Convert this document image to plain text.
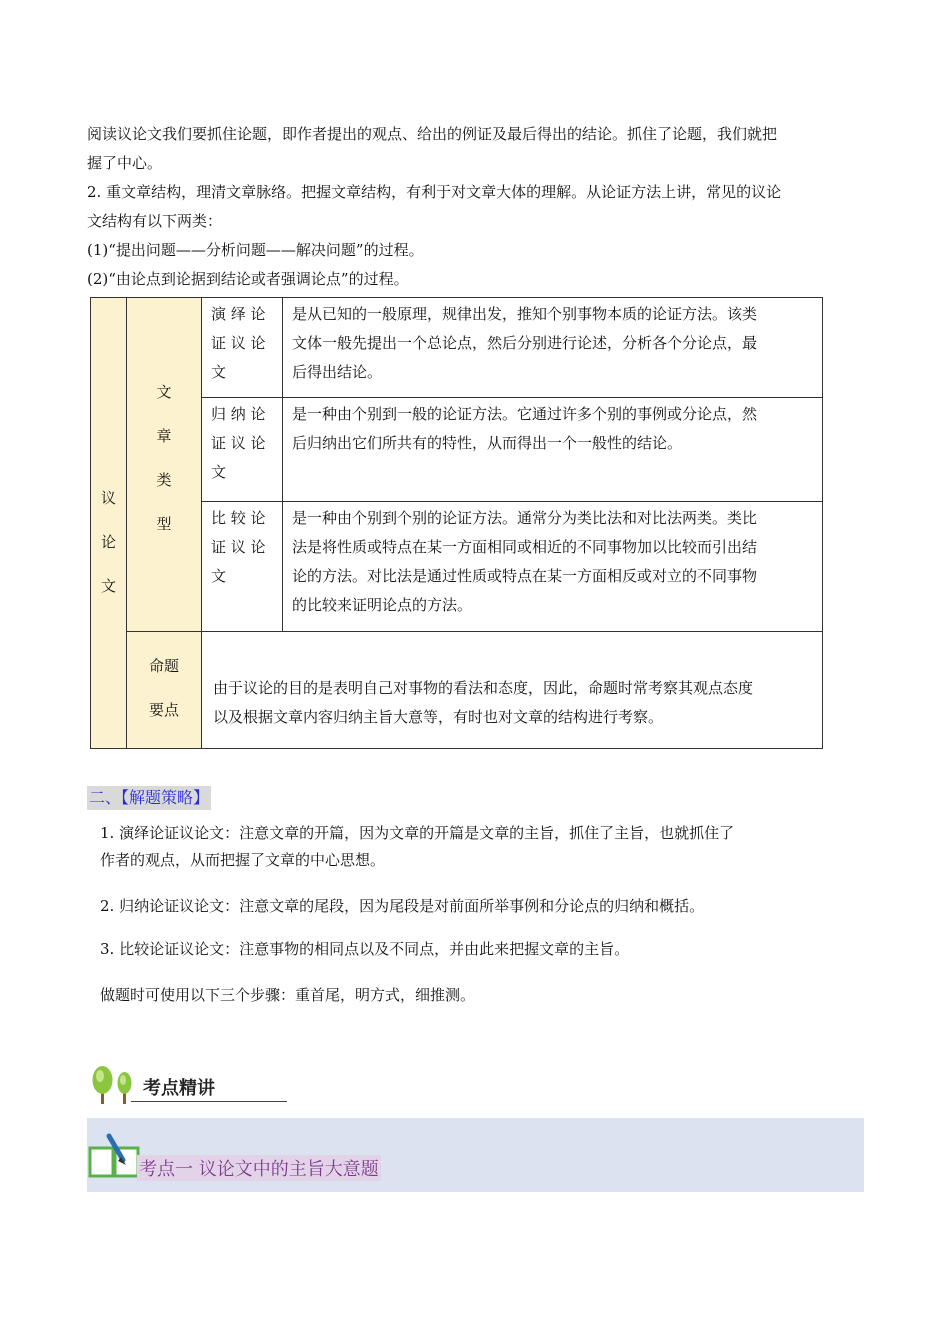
阅读议论文我们要抓住论题，即作者提出的观点、给出的例证及最后得出的结论。抓住了论题，我们就把
握了中心。
2. 重文章结构，理清文章脉络。把握文章结构，有利于对文章大体的理解。从论证方法上讲，常见的议论
文结构有以下两类：
(1)“提出问题——分析问题——解决问题”的过程。
(2)“由论点到论据到结论或者强调论点”的过程。
议
论
文
文
章
类
型
命题
要点
演 绎 论
证 议 论
文
是从已知的一般原理，规律出发，推知个别事物本质的论证方法。该类
文体一般先提出一个总论点，然后分别进行论述，分析各个分论点，最
后得出结论。
归 纳 论
证 议 论
文
是一种由个别到一般的论证方法。它通过许多个别的事例或分论点，然
后归纳出它们所共有的特性，从而得出一个一般性的结论。
比 较 论
证 议 论
文
是一种由个别到个别的论证方法。通常分为类比法和对比法两类。类比
法是将性质或特点在某一方面相同或相近的不同事物加以比较而引出结
论的方法。对比法是通过性质或特点在某一方面相反或对立的不同事物
的比较来证明论点的方法。
由于议论的目的是表明自己对事物的看法和态度，因此，命题时常考察其观点态度
以及根据文章内容归纳主旨大意等，有时也对文章的结构进行考察。
二、【解题策略】
1. 演绎论证议论文：注意文章的开篇，因为文章的开篇是文章的主旨，抓住了主旨，也就抓住了
作者的观点，从而把握了文章的中心思想。
2. 归纳论证议论文：注意文章的尾段，因为尾段是对前面所举事例和分论点的归纳和概括。
3. 比较论证议论文：注意事物的相同点以及不同点，并由此来把握文章的主旨。
做题时可使用以下三个步骤：重首尾，明方式，细推测。
考点精讲
考点一 议论文中的主旨大意题
